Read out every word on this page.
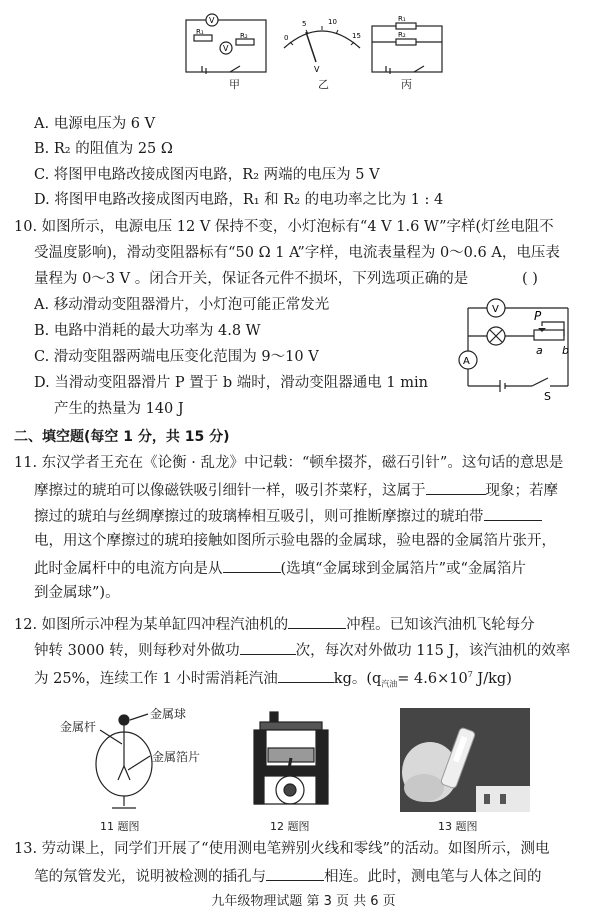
V
V
R₁	R₂
甲
0
5	10
15
V
乙
R₁
R₂
丙
A. 电源电压为 6 V
B. R₂ 的阻值为 25 Ω
C. 将图甲电路改接成图丙电路，R₂ 两端的电压为 5 V
D. 将图甲电路改接成图丙电路，R₁ 和 R₂ 的电功率之比为 1 : 4
10. 如图所示，电源电压 12 V 保持不变，小灯泡标有“4 V 1.6 W”字样(灯丝电阻不
受温度影响)，滑动变阻器标有“50 Ω 1 A”字样，电流表量程为 0～0.6 A，电压表
量程为 0～3 V 。闭合开关，保证各元件不损坏，下列选项正确的是	( )
A. 移动滑动变阻器滑片，小灯泡可能正常发光
B. 电路中消耗的最大功率为 4.8 W
C. 滑动变阻器两端电压变化范围为 9～10 V
D. 当滑动变阻器滑片 P 置于 b 端时，滑动变阻器通电 1 min
产生的热量为 140 J
V
A
P
a b
S
二、填空题(每空 1 分，共 15 分)
11. 东汉学者王充在《论衡 · 乱龙》中记载：“顿牟掇芥，磁石引针”。这句话的意思是
摩擦过的琥珀可以像磁铁吸引细针一样，吸引芥菜籽，这属于	现象；若摩
擦过的琥珀与丝绸摩擦过的玻璃棒相互吸引，则可推断摩擦过的琥珀带
电，用这个摩擦过的琥珀接触如图所示验电器的金属球，验电器的金属箔片张开，
此时金属杆中的电流方向是从	(选填“金属球到金属箔片”或“金属箔片
到金属球”)。
12. 如图所示冲程为某单缸四冲程汽油机的	冲程。已知该汽油机飞轮每分
钟转 3000 转，则每秒对外做功	次，每次对外做功 115 J，该汽油机的效率
为 25%，连续工作 1 小时需消耗汽油	kg。($q_{汽油}= 4.6\times 10^7$ J/kg)
金属杆
金属球
金属箔片
11 题图	12 题图	13 题图
13. 劳动课上，同学们开展了“使用测电笔辨别火线和零线”的活动。如图所示，测电
笔的氖管发光，说明被检测的插孔与	相连。此时，测电笔与人体之间的
九年级物理试题 第 3 页 共 6 页
